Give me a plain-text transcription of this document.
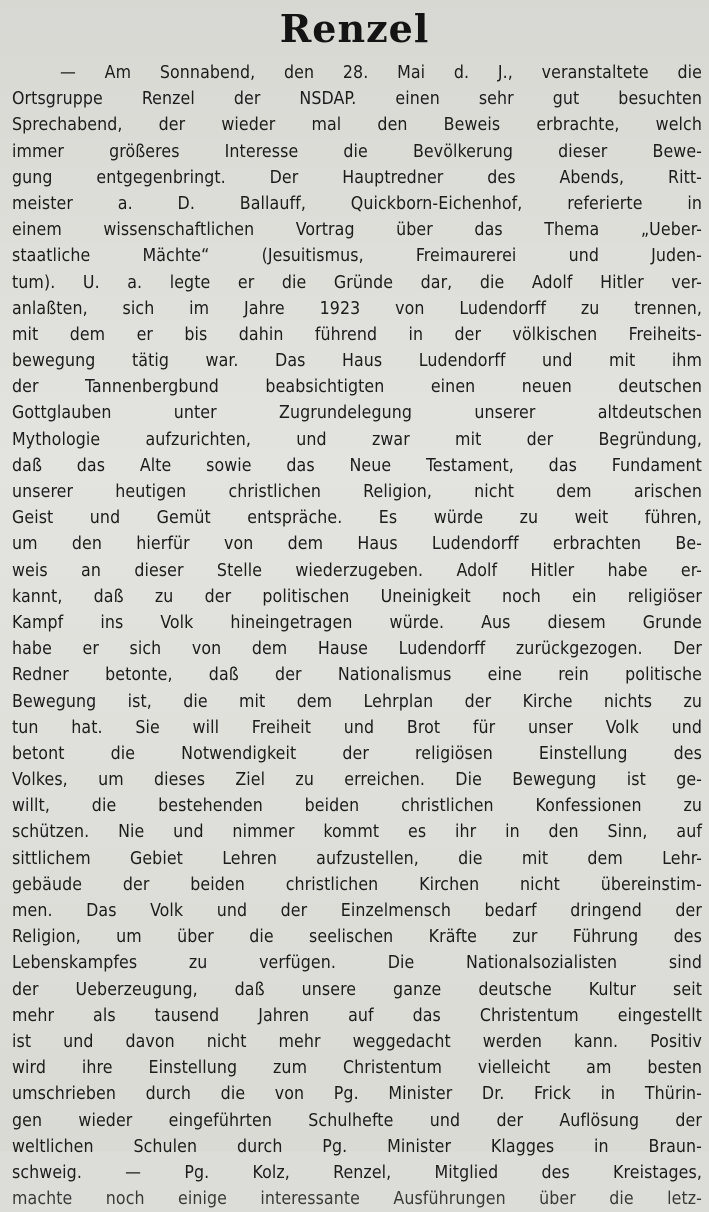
Renzel
— Am Sonnabend, den 28. Mai d. J., veranstaltete die
Ortsgruppe Renzel der NSDAP. einen sehr gut besuchten
Sprechabend, der wieder mal den Beweis erbrachte, welch
immer größeres Interesse die Bevölkerung dieser Bewe-
gung entgegenbringt. Der Hauptredner des Abends, Ritt-
meister a. D. Ballauff, Quickborn-Eichenhof, referierte in
einem wissenschaftlichen Vortrag über das Thema „Ueber-
staatliche Mächte“ (Jesuitismus, Freimaurerei und Juden-
tum). U. a. legte er die Gründe dar, die Adolf Hitler ver-
anlaßten, sich im Jahre 1923 von Ludendorff zu trennen,
mit dem er bis dahin führend in der völkischen Freiheits-
bewegung tätig war. Das Haus Ludendorff und mit ihm
der Tannenbergbund beabsichtigten einen neuen deutschen
Gottglauben unter Zugrundelegung unserer altdeutschen
Mythologie aufzurichten, und zwar mit der Begründung,
daß das Alte sowie das Neue Testament, das Fundament
unserer heutigen christlichen Religion, nicht dem arischen
Geist und Gemüt entspräche. Es würde zu weit führen,
um den hierfür von dem Haus Ludendorff erbrachten Be-
weis an dieser Stelle wiederzugeben. Adolf Hitler habe er-
kannt, daß zu der politischen Uneinigkeit noch ein religiöser
Kampf ins Volk hineingetragen würde. Aus diesem Grunde
habe er sich von dem Hause Ludendorff zurückgezogen. Der
Redner betonte, daß der Nationalismus eine rein politische
Bewegung ist, die mit dem Lehrplan der Kirche nichts zu
tun hat. Sie will Freiheit und Brot für unser Volk und
betont die Notwendigkeit der religiösen Einstellung des
Volkes, um dieses Ziel zu erreichen. Die Bewegung ist ge-
willt, die bestehenden beiden christlichen Konfessionen zu
schützen. Nie und nimmer kommt es ihr in den Sinn, auf
sittlichem Gebiet Lehren aufzustellen, die mit dem Lehr-
gebäude der beiden christlichen Kirchen nicht übereinstim-
men. Das Volk und der Einzelmensch bedarf dringend der
Religion, um über die seelischen Kräfte zur Führung des
Lebenskampfes zu verfügen. Die Nationalsozialisten sind
der Ueberzeugung, daß unsere ganze deutsche Kultur seit
mehr als tausend Jahren auf das Christentum eingestellt
ist und davon nicht mehr weggedacht werden kann. Positiv
wird ihre Einstellung zum Christentum vielleicht am besten
umschrieben durch die von Pg. Minister Dr. Frick in Thürin-
gen wieder eingeführten Schulhefte und der Auflösung der
weltlichen Schulen durch Pg. Minister Klagges in Braun-
schweig. — Pg. Kolz, Renzel, Mitglied des Kreistages,
machte noch einige interessante Ausführungen über die letz-
